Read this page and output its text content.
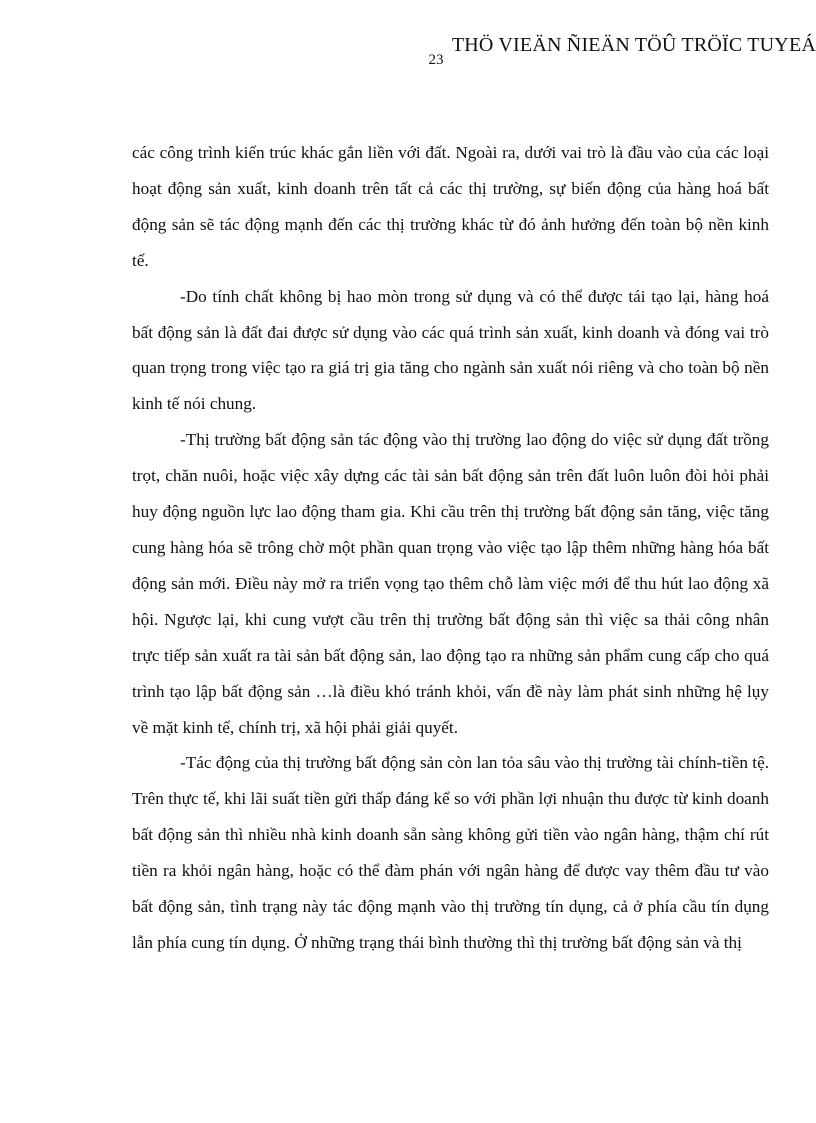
THÖ VIEÄN ÑIEÄN TÖÛ TRÖÏC TUYEÁ
23

các công trình kiến trúc khác gắn liền với đất. Ngoài ra, dưới vai trò là đầu vào của các loại hoạt động sản xuất, kinh doanh trên tất cả các thị trường, sự biến động của hàng hoá bất động sản sẽ tác động mạnh đến các thị trường khác từ đó ảnh hưởng đến toàn bộ nền kinh tế.

-Do tính chất không bị hao mòn trong sử dụng và có thể được tái tạo lại, hàng hoá bất động sản là đất đai được sử dụng vào các quá trình sản xuất, kinh doanh và đóng vai trò quan trọng trong việc tạo ra giá trị gia tăng cho ngành sản xuất nói riêng và cho toàn bộ nền kinh tế nói chung.

-Thị trường bất động sản tác động vào thị trường lao động do việc sử dụng đất trồng trọt, chăn nuôi, hoặc việc xây dựng các tài sản bất động sản trên đất luôn luôn đòi hỏi phải huy động nguồn lực lao động tham gia. Khi cầu trên thị trường bất động sản tăng, việc tăng cung hàng hóa sẽ trông chờ một phần quan trọng vào việc tạo lập thêm những hàng hóa bất động sản mới. Điều này mở ra triển vọng tạo thêm chỗ làm việc mới để thu hút lao động xã hội. Ngược lại, khi cung vượt cầu trên thị trường bất động sản thì việc sa thải công nhân trực tiếp sản xuất ra tài sản bất động sản, lao động tạo ra những sản phẩm cung cấp cho quá trình tạo lập bất động sản …là điều khó tránh khỏi, vấn đề này làm phát sinh những hệ lụy về mặt kinh tế, chính trị, xã hội phải giải quyết.

-Tác động của thị trường bất động sản còn lan tỏa sâu vào thị trường tài chính-tiền tệ. Trên thực tế, khi lãi suất tiền gửi thấp đáng kể so với phần lợi nhuận thu được từ kinh doanh bất động sản thì nhiều nhà kinh doanh sẵn sàng không gửi tiền vào ngân hàng, thậm chí rút tiền ra khỏi ngân hàng, hoặc có thể đàm phán với ngân hàng để được vay thêm đầu tư vào bất động sản, tình trạng này tác động mạnh vào thị trường tín dụng, cả ở phía cầu tín dụng lẫn phía cung tín dụng. Ở những trạng thái bình thường thì thị trường bất động sản và thị
